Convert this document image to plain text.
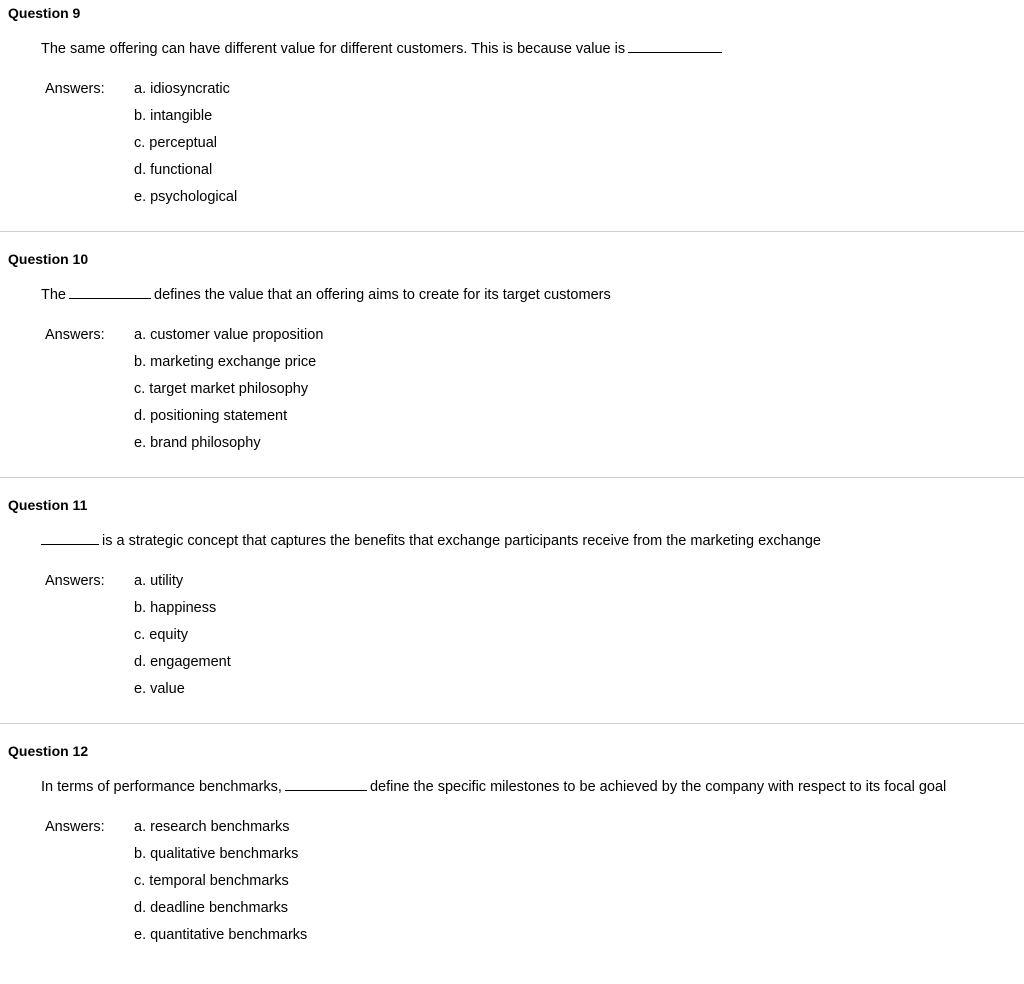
Question 9
The same offering can have different value for different customers. This is because value is
Answers: a. idiosyncratic
b. intangible
c. perceptual
d. functional
e. psychological
Question 10
The	defines the value that an offering aims to create for its target customers
Answers: a. customer value proposition
b. marketing exchange price
c. target market philosophy
d. positioning statement
e. brand philosophy
Question 11
is a strategic concept that captures the benefits that exchange participants receive from the marketing exchange
Answers: a. utility
b. happiness
c. equity
d. engagement
e. value
Question 12
In terms of performance benchmarks,	define the specific milestones to be achieved by the company with respect to its focal goal
Answers: a. research benchmarks
b. qualitative benchmarks
c. temporal benchmarks
d. deadline benchmarks
e. quantitative benchmarks
